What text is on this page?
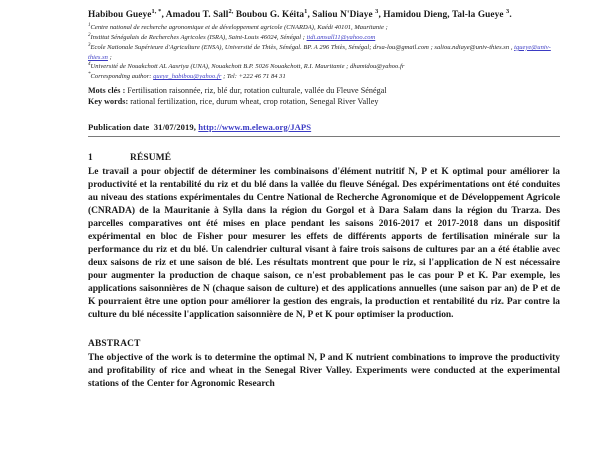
Habibou Gueye$^{1, *}$, Amadou T. Sall$^{2,}$ Boubou G. Kéita$^1$, Saliou N'Diaye $^3$, Hamidou Dieng, Tal-la Gueye $^3$.

$^1$Centre national de recherche agronomique et de développement agricole (CNARDA), Kaédi 40101, Mauritanie ;

$^2$Institut Sénégalais de Recherches Agricoles (ISRA), Saint-Louis 46024, Sénégal ; tidi.amsall11@yahoo.com

$^3$Ecole Nationale Supérieure d'Agriculture (ENSA), Université de Thiès, Sénégal. BP. A 296 Thiès, Sénégal; drsa-lou@gmail.com ; saliou.ndiaye@univ-thies.sn , tgueye@univ-thies.sn ;

$^4$Université de Nouakchott AL Aasriya (UNA), Nouakchott B.P. 5026 Nouakchott, R.I. Mauritanie ; dhamidou@yahoo.fr

*Corresponding author: gueye_habibou@yahoo.fr ; Tel: +222 46 71 84 31

Mots clés : Fertilisation raisonnée, riz, blé dur, rotation culturale, vallée du Fleuve Sénégal

Key words: rational fertilization, rice, durum wheat, crop rotation, Senegal River Valley

Publication date 31/07/2019, http://www.m.elewa.org/JAPS

1	RÉSUMÉ

Le travail a pour objectif de déterminer les combinaisons d'élément nutritif N, P et K optimal pour améliorer la productivité et la rentabilité du riz et du blé dans la vallée du fleuve Sénégal. Des expérimentations ont été conduites au niveau des stations expérimentales du Centre National de Recherche Agronomique et de Développement Agricole (CNRADA) de la Mauritanie à Sylla dans la région du Gorgol et à Dara Salam dans la région du Trarza. Des parcelles comparatives ont été mises en place pendant les saisons 2016-2017 et 2017-2018 dans un dispositif expérimental en bloc de Fisher pour mesurer les effets de différents apports de fertilisation minérale sur la performance du riz et du blé. Un calendrier cultural visant à faire trois saisons de cultures par an a été établie avec deux saisons de riz et une saison de blé. Les résultats montrent que pour le riz, si l'application de N est nécessaire pour augmenter la production de chaque saison, ce n'est probablement pas le cas pour P et K. Par exemple, les applications saisonnières de N (chaque saison de culture) et des applications annuelles (une saison par an) de P et de K pourraient être une option pour améliorer la gestion des engrais, la production et rentabilité du riz. Par contre la culture du blé nécessite l'application saisonnière de N, P et K pour optimiser la production.

ABSTRACT

The objective of the work is to determine the optimal N, P and K nutrient combinations to improve the productivity and profitability of rice and wheat in the Senegal River Valley. Experiments were conducted at the experimental stations of the Center for Agronomic Research
